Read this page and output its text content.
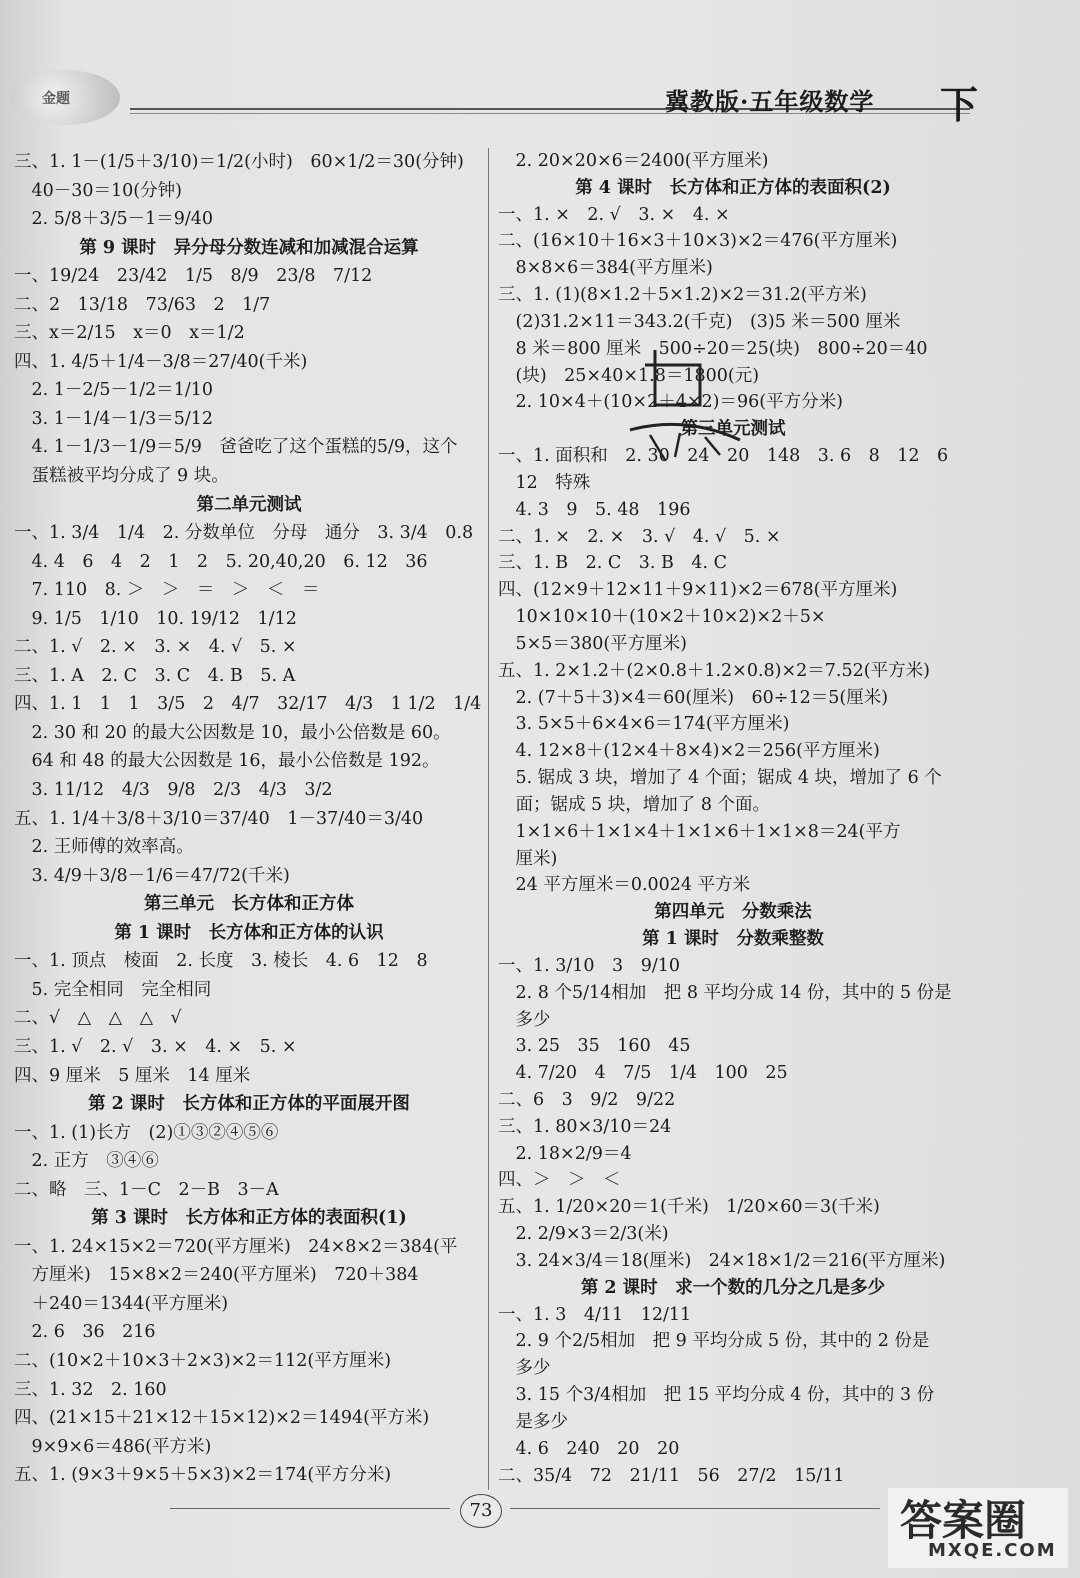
金题	冀教版·五年级数学 下
三、1. 1－(1/5＋3/10)＝1/2(小时)　60×1/2＝30(分钟)
　40－30＝10(分钟)
　2. 5/8＋3/5－1＝9/40
第 9 课时　异分母分数连减和加减混合运算
一、19/24　23/42　1/5　8/9　23/8　7/12
二、2　13/18　73/63　2　1/7
三、x＝2/15　x＝0　x＝1/2
四、1. 4/5＋1/4－3/8＝27/40(千米)
　2. 1－2/5－1/2＝1/10
　3. 1－1/4－1/3＝5/12
　4. 1－1/3－1/9＝5/9　爸爸吃了这个蛋糕的5/9，这个
　蛋糕被平均分成了 9 块。
第二单元测试
一、1. 3/4　1/4　2. 分数单位　分母　通分　3. 3/4　0.8
　4. 4　6　4　2　1　2　5. 20,40,20　6. 12　36
　7. 110　8. ＞　＞　＝　＞　＜　＝
　9. 1/5　1/10　10. 19/12　1/12
二、1. √　2. ×　3. ×　4. √　5. ×
三、1. A　2. C　3. C　4. B　5. A
四、1. 1　1　1　3/5　2　4/7　32/17　4/3　1 1/2　1/4
　2. 30 和 20 的最大公因数是 10，最小公倍数是 60。
　64 和 48 的最大公因数是 16，最小公倍数是 192。
　3. 11/12　4/3　9/8　2/3　4/3　3/2
五、1. 1/4＋3/8＋3/10＝37/40　1－37/40＝3/40
　2. 王师傅的效率高。
　3. 4/9＋3/8－1/6＝47/72(千米)
第三单元　长方体和正方体
第 1 课时　长方体和正方体的认识
一、1. 顶点　棱面　2. 长度　3. 棱长　4. 6　12　8
　5. 完全相同　完全相同
二、√　△　△　△　√
三、1. √　2. √　3. ×　4. ×　5. ×
四、9 厘米　5 厘米　14 厘米
第 2 课时　长方体和正方体的平面展开图
一、1. (1)长方　(2)①③②④⑤⑥
　2. 正方　③④⑥
二、略　三、1－C　2－B　3－A
第 3 课时　长方体和正方体的表面积(1)
一、1. 24×15×2＝720(平方厘米)　24×8×2＝384(平
　方厘米)　15×8×2＝240(平方厘米)　720＋384
　＋240＝1344(平方厘米)
　2. 6　36　216
二、(10×2＋10×3＋2×3)×2＝112(平方厘米)
三、1. 32　2. 160
四、(21×15＋21×12＋15×12)×2＝1494(平方米)
　9×9×6＝486(平方米)
五、1. (9×3＋9×5＋5×3)×2＝174(平方分米)
　2. 20×20×6＝2400(平方厘米)
第 4 课时　长方体和正方体的表面积(2)
一、1. ×　2. √　3. ×　4. ×
二、(16×10＋16×3＋10×3)×2＝476(平方厘米)
　8×8×6＝384(平方厘米)
三、1. (1)(8×1.2＋5×1.2)×2＝31.2(平方米)
　(2)31.2×11＝343.2(千克)　(3)5 米＝500 厘米
　8 米＝800 厘米　500÷20＝25(块)　800÷20＝40
　(块)　25×40×1.8＝1800(元)
　2. 10×4＋(10×2＋4×2)＝96(平方分米)
第三单元测试
一、1. 面积和　2. 30　24　20　148　3. 6　8　12　6
　12　特殊
　4. 3　9　5. 48　196
二、1. ×　2. ×　3. √　4. √　5. ×
三、1. B　2. C　3. B　4. C
四、(12×9＋12×11＋9×11)×2＝678(平方厘米)
　10×10×10＋(10×2＋10×2)×2＋5×
　5×5＝380(平方厘米)
五、1. 2×1.2＋(2×0.8＋1.2×0.8)×2＝7.52(平方米)
　2. (7＋5＋3)×4＝60(厘米)　60÷12＝5(厘米)
　3. 5×5＋6×4×6＝174(平方厘米)
　4. 12×8＋(12×4＋8×4)×2＝256(平方厘米)
　5. 锯成 3 块，增加了 4 个面；锯成 4 块，增加了 6 个
　面；锯成 5 块，增加了 8 个面。
　1×1×6＋1×1×4＋1×1×6＋1×1×8＝24(平方
　厘米)
　24 平方厘米＝0.0024 平方米
第四单元　分数乘法
第 1 课时　分数乘整数
一、1. 3/10　3　9/10
　2. 8 个5/14相加　把 8 平均分成 14 份，其中的 5 份是
　多少
　3. 25　35　160　45
　4. 7/20　4　7/5　1/4　100　25
二、6　3　9/2　9/22
三、1. 80×3/10＝24
　2. 18×2/9＝4
四、＞　＞　＜
五、1. 1/20×20＝1(千米)　1/20×60＝3(千米)
　2. 2/9×3＝2/3(米)
　3. 24×3/4＝18(厘米)　24×18×1/2＝216(平方厘米)
第 2 课时　求一个数的几分之几是多少
一、1. 3　4/11　12/11
　2. 9 个2/5相加　把 9 平均分成 5 份，其中的 2 份是
　多少
　3. 15 个3/4相加　把 15 平均分成 4 份，其中的 3 份
　是多少
　4. 6　240　20　20
二、35/4　72　21/11　56　27/2　15/11
73	答案圈
MXQE.COM
